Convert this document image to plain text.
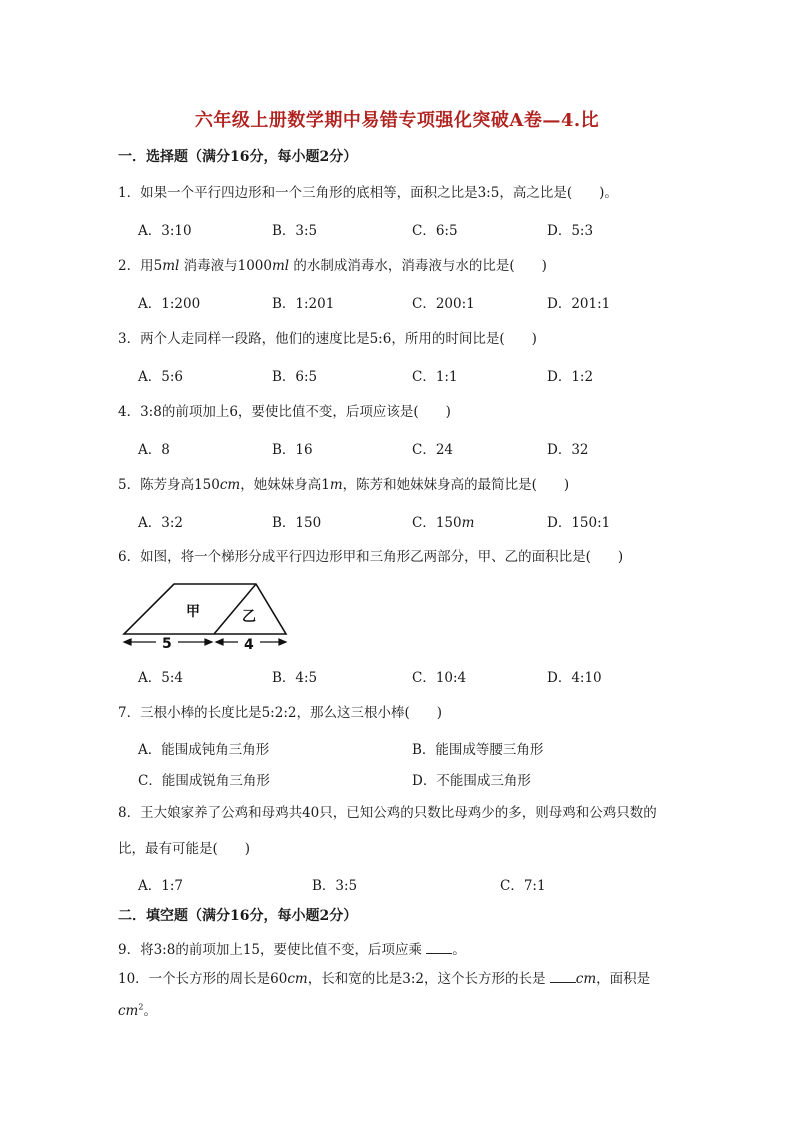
六年级上册数学期中易错专项强化突破A卷—4.比
一．选择题（满分16分，每小题2分）
1．如果一个平行四边形和一个三角形的底相等，面积之比是3:5，高之比是(　　)。
A．3:10	B．3:5	C．6:5	D．5:3
2．用5ml 消毒液与1000ml 的水制成消毒水，消毒液与水的比是(　　)
A．1:200	B．1:201	C．200:1	D．201:1
3．两个人走同样一段路，他们的速度比是5:6，所用的时间比是(　　)
A．5:6	B．6:5	C．1:1	D．1:2
4．3:8的前项加上6，要使比值不变，后项应该是(　　)
A．8	B．16	C．24	D．32
5．陈芳身高150cm，她妹妹身高1m，陈芳和她妹妹身高的最简比是(　　)
A．3:2	B．150	C．150m	D．150:1
6．如图，将一个梯形分成平行四边形甲和三角形乙两部分，甲、乙的面积比是(　　)
甲	乙
5	4
A．5:4	B．4:5	C．10:4	D．4:10
7．三根小棒的长度比是5:2:2，那么这三根小棒(　　)
A．能围成钝角三角形	B．能围成等腰三角形
C．能围成锐角三角形	D．不能围成三角形
8．王大娘家养了公鸡和母鸡共40只，已知公鸡的只数比母鸡少的多，则母鸡和公鸡只数的
比，最有可能是(　　)
A．1:7	B．3:5	C．7:1
二．填空题（满分16分，每小题2分）
9．将3:8的前项加上15，要使比值不变，后项应乘 。
10．一个长方形的周长是60cm，长和宽的比是3:2，这个长方形的长是 cm，面积是
$cm^2$。
